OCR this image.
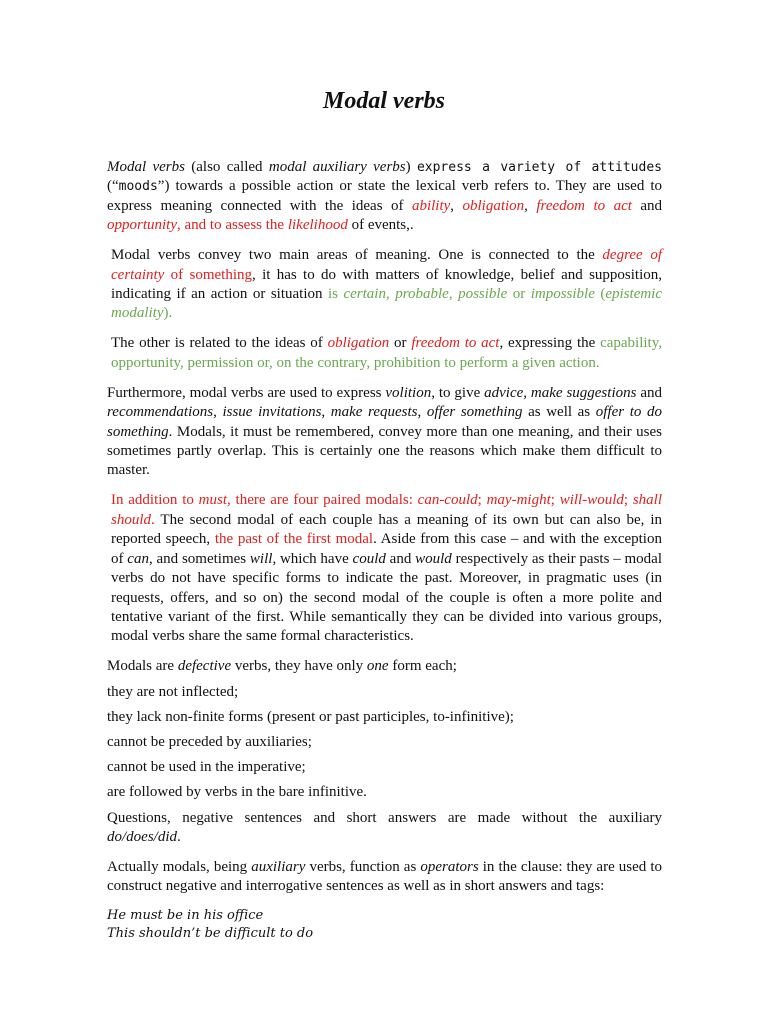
Modal verbs

Modal verbs (also called modal auxiliary verbs) express a variety of attitudes (“moods”) towards a possible action or state the lexical verb refers to. They are used to express meaning connected with the ideas of ability, obligation, freedom to act and opportunity, and to assess the likelihood of events,.

Modal verbs convey two main areas of meaning. One is connected to the degree of certainty of something, it has to do with matters of knowledge, belief and supposition, indicating if an action or situation is certain, probable, possible or impossible (epistemic modality).

The other is related to the ideas of obligation or freedom to act, expressing the capability, opportunity, permission or, on the contrary, prohibition to perform a given action.

Furthermore, modal verbs are used to express volition, to give advice, make suggestions and recommendations, issue invitations, make requests, offer something as well as offer to do something. Modals, it must be remembered, convey more than one meaning, and their uses sometimes partly overlap. This is certainly one the reasons which make them difficult to master.

In addition to must, there are four paired modals: can-could; may-might; will-would; shall should. The second modal of each couple has a meaning of its own but can also be, in reported speech, the past of the first modal. Aside from this case – and with the exception of can, and sometimes will, which have could and would respectively as their pasts – modal verbs do not have specific forms to indicate the past. Moreover, in pragmatic uses (in requests, offers, and so on) the second modal of the couple is often a more polite and tentative variant of the first. While semantically they can be divided into various groups, modal verbs share the same formal characteristics.

Modals are defective verbs, they have only one form each;

they are not inflected;

they lack non-finite forms (present or past participles, to-infinitive);

cannot be preceded by auxiliaries;

cannot be used in the imperative;

are followed by verbs in the bare infinitive.

Questions, negative sentences and short answers are made without the auxiliary do/does/did.

Actually modals, being auxiliary verbs, function as operators in the clause: they are used to construct negative and interrogative sentences as well as in short answers and tags:

He must be in his office
This shouldn’t be difficult to do
